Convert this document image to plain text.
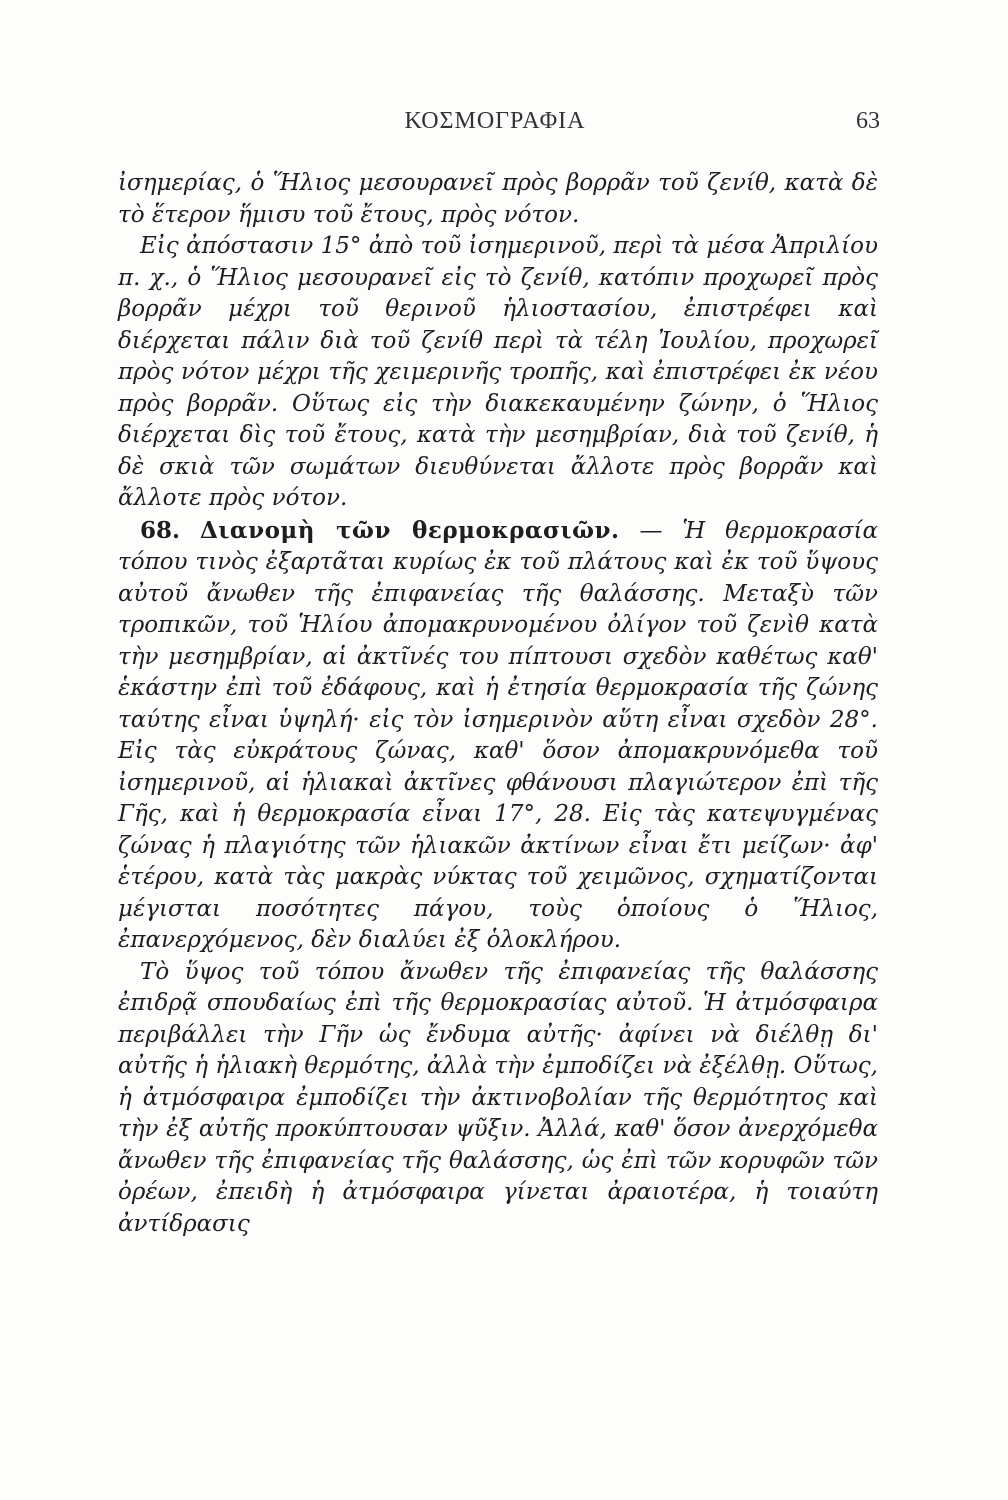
ΚΟΣΜΟΓΡΑΦΙΑ	63

ἰσημερίας, ὁ Ἥλιος μεσουρανεῖ πρὸς βορρᾶν τοῦ ζενίθ, κατὰ δὲ τὸ ἕτερον ἥμισυ τοῦ ἔτους, πρὸς νότον.

Εἰς ἀπόστασιν 15° ἀπὸ τοῦ ἰσημερινοῦ, περὶ τὰ μέσα Ἀπριλίου π. χ., ὁ Ἥλιος μεσουρανεῖ εἰς τὸ ζενίθ, κατόπιν προχωρεῖ πρὸς βορρᾶν μέχρι τοῦ θερινοῦ ἡλιοστασίου, ἐπιστρέφει καὶ διέρχεται πάλιν διὰ τοῦ ζενίθ περὶ τὰ τέλη Ἰουλίου, προχωρεῖ πρὸς νότον μέχρι τῆς χειμερινῆς τροπῆς, καὶ ἐπιστρέφει ἐκ νέου πρὸς βορρᾶν. Οὕτως εἰς τὴν διακεκαυμένην ζώνην, ὁ Ἥλιος διέρχεται δὶς τοῦ ἔτους, κατὰ τὴν μεσημβρίαν, διὰ τοῦ ζενίθ, ἡ δὲ σκιὰ τῶν σωμάτων διευθύνεται ἄλλοτε πρὸς βορρᾶν καὶ ἄλλοτε πρὸς νότον.

68. Διανομὴ τῶν θερμοκρασιῶν. — Ἡ θερμοκρασία τόπου τινὸς ἐξαρτᾶται κυρίως ἐκ τοῦ πλάτους καὶ ἐκ τοῦ ὕψους αὐτοῦ ἄνωθεν τῆς ἐπιφανείας τῆς θαλάσσης. Μεταξὺ τῶν τροπικῶν, τοῦ Ἡλίου ἀπομακρυνομένου ὀλίγον τοῦ ζενὶθ κατὰ τὴν μεσημβρίαν, αἱ ἀκτῖνές του πίπτουσι σχεδὸν καθέτως καθ' ἑκάστην ἐπὶ τοῦ ἐδάφους, καὶ ἡ ἐτησία θερμοκρασία τῆς ζώνης ταύτης εἶναι ὑψηλή· εἰς τὸν ἰσημερινὸν αὕτη εἶναι σχεδὸν 28°. Εἰς τὰς εὐκράτους ζώνας, καθ' ὅσον ἀπομακρυνόμεθα τοῦ ἰσημερινοῦ, αἱ ἡλιακαὶ ἀκτῖνες φθάνουσι πλαγιώτερον ἐπὶ τῆς Γῆς, καὶ ἡ θερμοκρασία εἶναι 17°, 28. Εἰς τὰς κατεψυγμένας ζώνας ἡ πλαγιότης τῶν ἡλιακῶν ἀκτίνων εἶναι ἔτι μείζων· ἀφ' ἑτέρου, κατὰ τὰς μακρὰς νύκτας τοῦ χειμῶνος, σχηματίζονται μέγισται ποσότητες πάγου, τοὺς ὁποίους ὁ Ἥλιος, ἐπανερχόμενος, δὲν διαλύει ἐξ ὁλοκλήρου.

Τὸ ὕψος τοῦ τόπου ἄνωθεν τῆς ἐπιφανείας τῆς θαλάσσης ἐπιδρᾷ σπουδαίως ἐπὶ τῆς θερμοκρασίας αὐτοῦ. Ἡ ἀτμόσφαιρα περιβάλλει τὴν Γῆν ὡς ἔνδυμα αὐτῆς· ἀφίνει νὰ διέλθῃ δι' αὐτῆς ἡ ἡλιακὴ θερμότης, ἀλλὰ τὴν ἐμποδίζει νὰ ἐξέλθῃ. Οὕτως, ἡ ἀτμόσφαιρα ἐμποδίζει τὴν ἀκτινοβολίαν τῆς θερμότητος καὶ τὴν ἐξ αὐτῆς προκύπτουσαν ψῦξιν. Ἀλλά, καθ' ὅσον ἀνερχόμεθα ἄνωθεν τῆς ἐπιφανείας τῆς θαλάσσης, ὡς ἐπὶ τῶν κορυφῶν τῶν ὀρέων, ἐπειδὴ ἡ ἀτμόσφαιρα γίνεται ἀραιοτέρα, ἡ τοιαύτη ἀντίδρασις
